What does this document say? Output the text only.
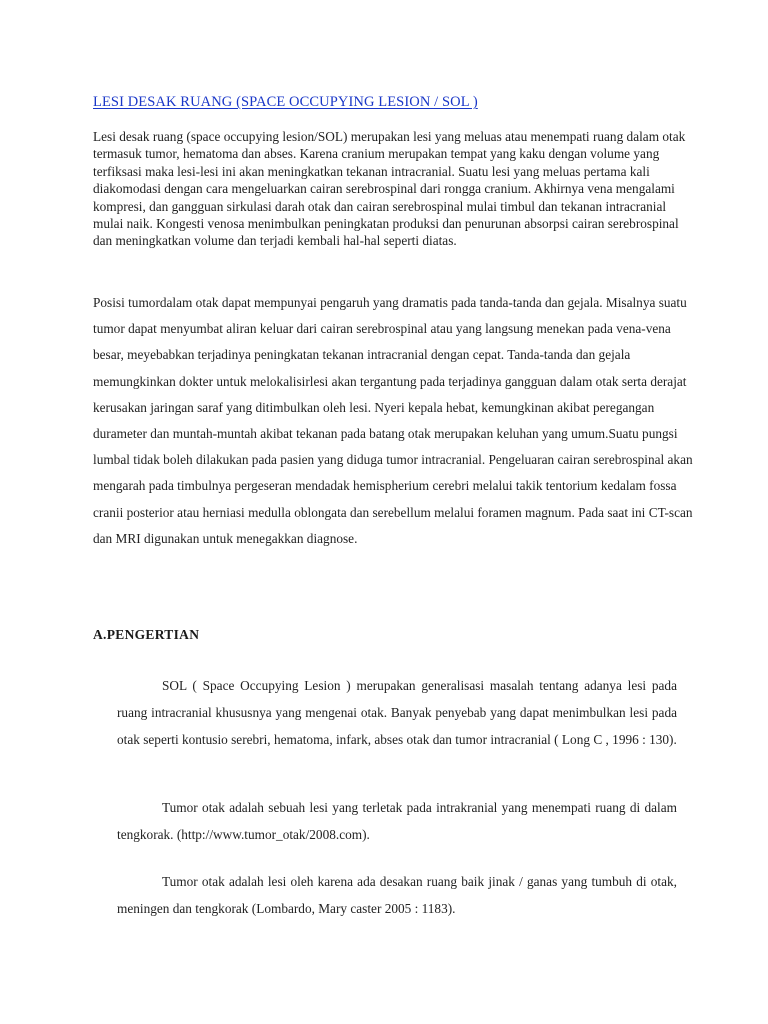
LESI DESAK RUANG (SPACE OCCUPYING LESION / SOL )

Lesi desak ruang (space occupying lesion/SOL) merupakan lesi yang meluas atau menempati ruang dalam otak termasuk tumor, hematoma dan abses. Karena cranium merupakan tempat yang kaku dengan volume yang terfiksasi maka lesi-lesi ini akan meningkatkan tekanan intracranial. Suatu lesi yang meluas pertama kali diakomodasi dengan cara mengeluarkan cairan serebrospinal dari rongga cranium. Akhirnya vena mengalami kompresi, dan gangguan sirkulasi darah otak dan cairan serebrospinal mulai timbul dan tekanan intracranial mulai naik. Kongesti venosa menimbulkan peningkatan produksi dan penurunan absorpsi cairan serebrospinal dan meningkatkan volume dan terjadi kembali hal-hal seperti diatas.

Posisi tumordalam otak dapat mempunyai pengaruh yang dramatis pada tanda-tanda dan gejala. Misalnya suatu tumor dapat menyumbat aliran keluar dari cairan serebrospinal atau yang langsung menekan pada vena-vena besar, meyebabkan terjadinya peningkatan tekanan intracranial dengan cepat. Tanda-tanda dan gejala memungkinkan dokter untuk melokalisirlesi akan tergantung pada terjadinya gangguan dalam otak serta derajat kerusakan jaringan saraf yang ditimbulkan oleh lesi. Nyeri kepala hebat, kemungkinan akibat peregangan durameter dan muntah-muntah akibat tekanan pada batang otak merupakan keluhan yang umum.Suatu pungsi lumbal tidak boleh dilakukan pada pasien yang diduga tumor intracranial. Pengeluaran cairan serebrospinal akan mengarah pada timbulnya pergeseran mendadak hemispherium cerebri melalui takik tentorium kedalam fossa cranii posterior atau herniasi medulla oblongata dan serebellum melalui foramen magnum. Pada saat ini CT-scan dan MRI digunakan untuk menegakkan diagnose.

A.PENGERTIAN

SOL ( Space Occupying Lesion ) merupakan generalisasi masalah tentang adanya lesi pada ruang intracranial khususnya yang mengenai otak. Banyak penyebab yang dapat menimbulkan lesi pada otak seperti kontusio serebri, hematoma, infark, abses otak dan tumor intracranial ( Long C , 1996 : 130).

Tumor otak adalah sebuah lesi yang terletak pada intrakranial yang menempati ruang di dalam tengkorak. (http://www.tumor_otak/2008.com).

Tumor otak adalah lesi oleh karena ada desakan ruang baik jinak / ganas yang tumbuh di otak, meningen dan tengkorak (Lombardo, Mary caster 2005 : 1183).
